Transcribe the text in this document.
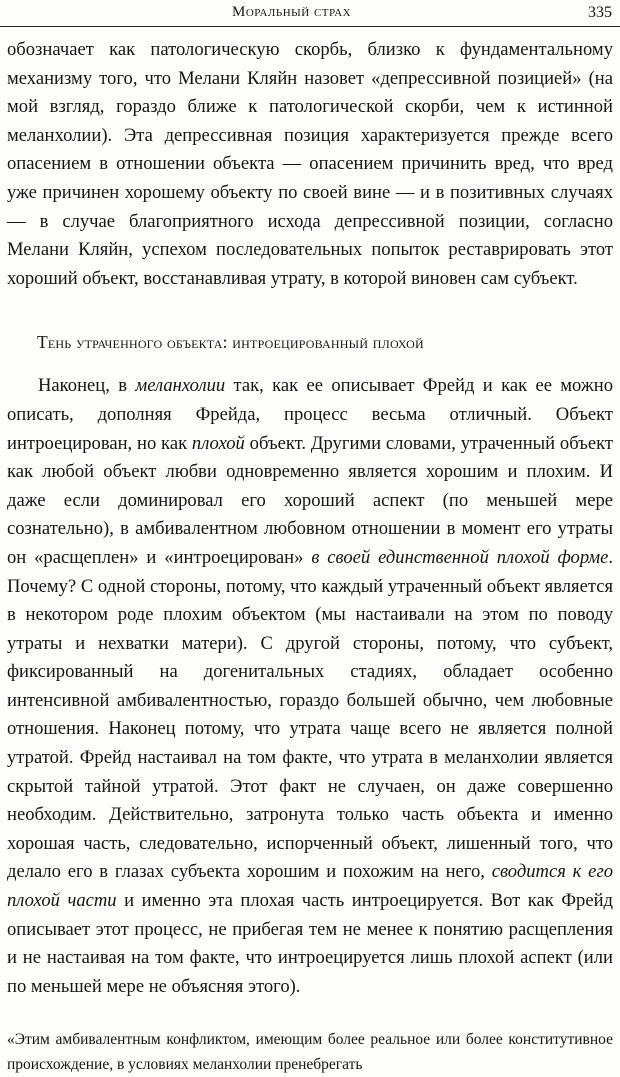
Моральный страх	335

обозначает как патологическую скорбь, близко к фундаментальному механизму того, что Мелани Кляйн назовет «депрессивной позицией» (на мой взгляд, гораздо ближе к патологической скорби, чем к истинной меланхолии). Эта депрессивная позиция характеризуется прежде всего опасением в отношении объекта — опасением причинить вред, что вред уже причинен хорошему объекту по своей вине — и в позитивных случаях — в случае благоприятного исхода депрессивной позиции, согласно Мелани Кляйн, успехом последовательных попыток реставрировать этот хороший объект, восстанавливая утрату, в которой виновен сам субъект.

Тень утраченного объекта: интроецированный плохой

Наконец, в меланхолии так, как ее описывает Фрейд и как ее можно описать, дополняя Фрейда, процесс весьма отличный. Объект интроецирован, но как плохой объект. Другими словами, утраченный объект как любой объект любви одновременно является хорошим и плохим. И даже если доминировал его хороший аспект (по меньшей мере сознательно), в амбивалентном любовном отношении в момент его утраты он «расщеплен» и «интроецирован» в своей единственной плохой форме. Почему? С одной стороны, потому, что каждый утраченный объект является в некотором роде плохим объектом (мы настаивали на этом по поводу утраты и нехватки матери). С другой стороны, потому, что субъект, фиксированный на догенитальных стадиях, обладает особенно интенсивной амбивалентностью, гораздо большей обычно, чем любовные отношения. Наконец потому, что утрата чаще всего не является полной утратой. Фрейд настаивал на том факте, что утрата в меланхолии является скрытой тайной утратой. Этот факт не случаен, он даже совершенно необходим. Действительно, затронута только часть объекта и именно хорошая часть, следовательно, испорченный объект, лишенный того, что делало его в глазах субъекта хорошим и похожим на него, сводится к его плохой части и именно эта плохая часть интроецируется. Вот как Фрейд описывает этот процесс, не прибегая тем не менее к понятию расщепления и не настаивая на том факте, что интроецируется лишь плохой аспект (или по меньшей мере не объясняя этого).

«Этим амбивалентным конфликтом, имеющим более реальное или более конститутивное происхождение, в условиях меланхолии пренебрегать
